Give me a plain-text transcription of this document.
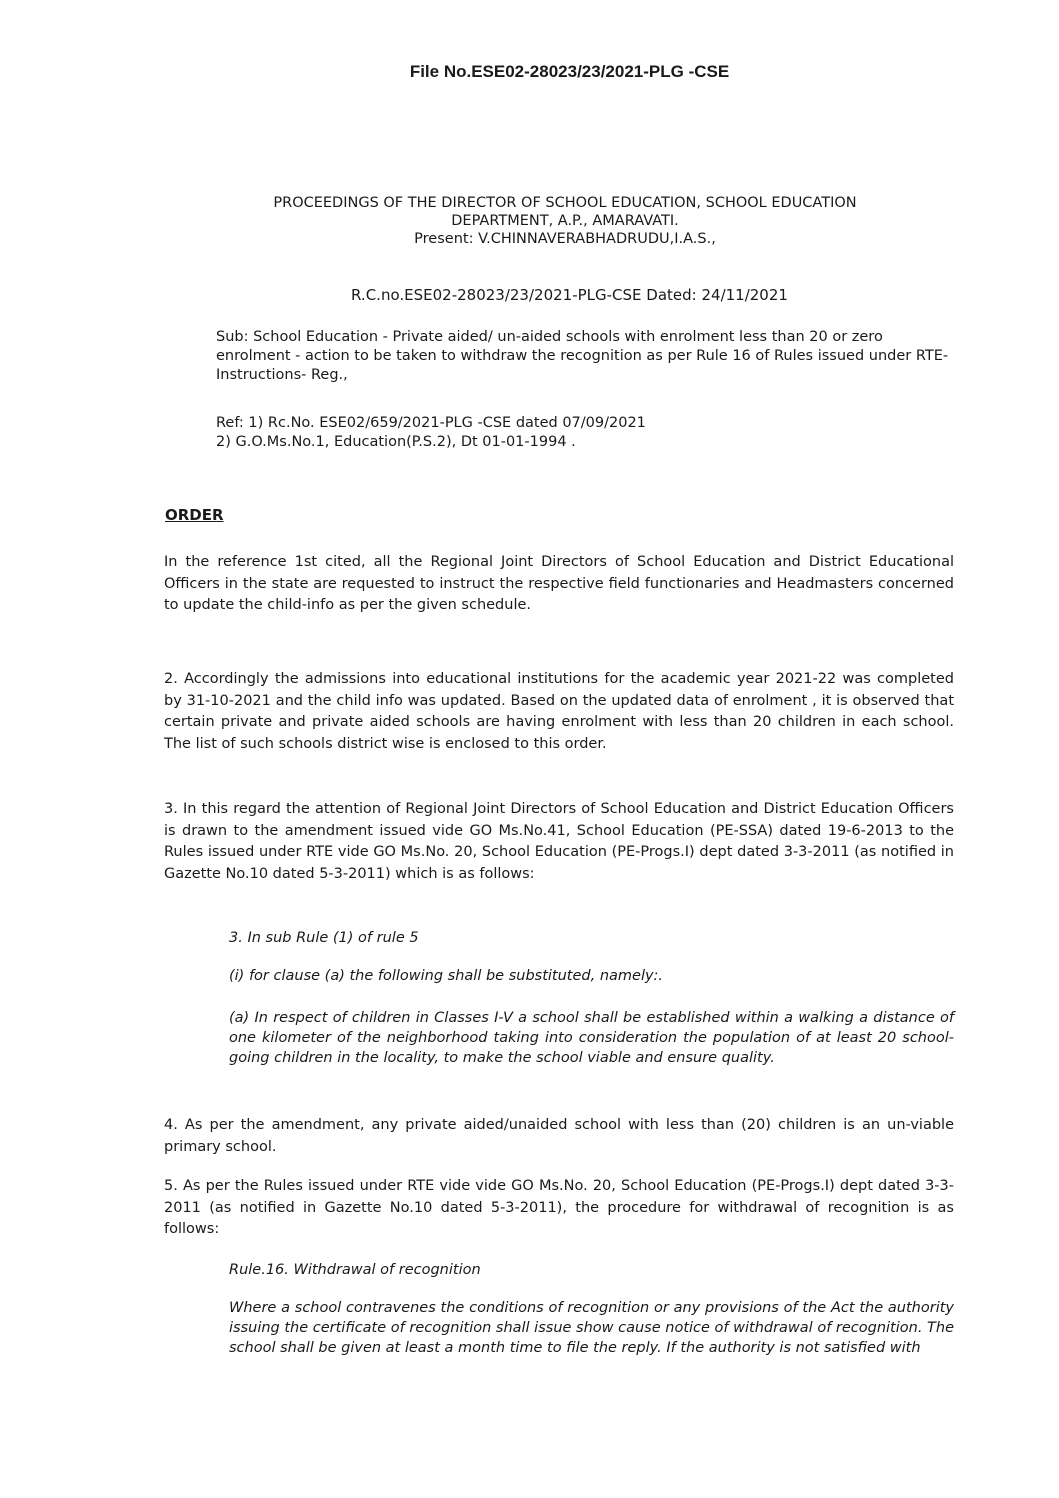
File No.ESE02-28023/23/2021-PLG -CSE
PROCEEDINGS OF THE DIRECTOR OF SCHOOL EDUCATION, SCHOOL EDUCATION
DEPARTMENT, A.P., AMARAVATI.
Present: V.CHINNAVERABHADRUDU,I.A.S.,
R.C.no.ESE02-28023/23/2021-PLG-CSE Dated: 24/11/2021
Sub: School Education - Private aided/ un-aided schools with enrolment less than 20 or zero enrolment - action to be taken to withdraw the recognition as per Rule 16 of Rules issued under RTE- Instructions- Reg.,
Ref: 1) Rc.No. ESE02/659/2021-PLG -CSE dated 07/09/2021
2) G.O.Ms.No.1, Education(P.S.2), Dt 01-01-1994 .
ORDER
In the reference 1st cited, all the Regional Joint Directors of School Education and District Educational Officers in the state are requested to instruct the respective field functionaries and Headmasters concerned to update the child-info as per the given schedule.
2. Accordingly the admissions into educational institutions for the academic year 2021-22 was completed by 31-10-2021 and the child info was updated. Based on the updated data of enrolment , it is observed that certain private and private aided schools are having enrolment with less than 20 children in each school. The list of such schools district wise is enclosed to this order.
3. In this regard the attention of Regional Joint Directors of School Education and District Education Officers is drawn to the amendment issued vide GO Ms.No.41, School Education (PE-SSA) dated 19-6-2013 to the Rules issued under RTE vide GO Ms.No. 20, School Education (PE-Progs.I) dept dated 3-3-2011 (as notified in Gazette No.10 dated 5-3-2011) which is as follows:
3. In sub Rule (1) of rule 5
(i) for clause (a) the following shall be substituted, namely:.
(a) In respect of children in Classes I-V a school shall be established within a walking a distance of one kilometer of the neighborhood taking into consideration the population of at least 20 school-going children in the locality, to make the school viable and ensure quality.
4. As per the amendment, any private aided/unaided school with less than (20) children is an un-viable primary school.
5. As per the Rules issued under RTE vide vide GO Ms.No. 20, School Education (PE-Progs.I) dept dated 3-3-2011 (as notified in Gazette No.10 dated 5-3-2011), the procedure for withdrawal of recognition is as follows:
Rule.16. Withdrawal of recognition
Where a school contravenes the conditions of recognition or any provisions of the Act the authority issuing the certificate of recognition shall issue show cause notice of withdrawal of recognition. The school shall be given at least a month time to file the reply. If the authority is not satisfied with
